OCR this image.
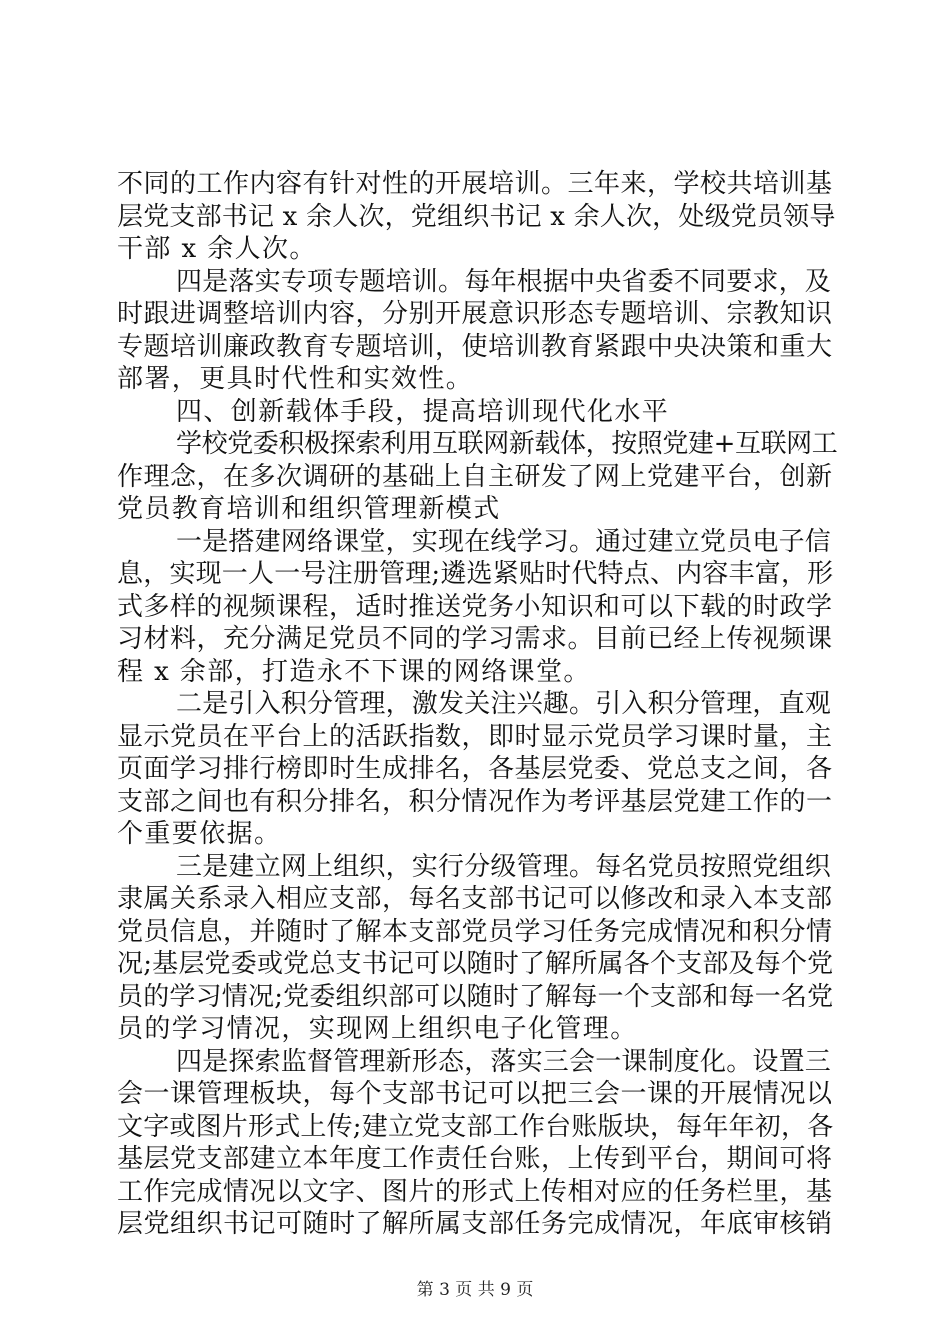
不同的工作内容有针对性的开展培训。三年来，学校共培训基
层党支部书记 x 余人次，党组织书记 x 余人次，处级党员领导
干部 x 余人次。
四是落实专项专题培训。每年根据中央省委不同要求，及
时跟进调整培训内容，分别开展意识形态专题培训、宗教知识
专题培训廉政教育专题培训，使培训教育紧跟中央决策和重大
部署，更具时代性和实效性。
四、创新载体手段，提高培训现代化水平
学校党委积极探索利用互联网新载体，按照党建+互联网工
作理念，在多次调研的基础上自主研发了网上党建平台，创新
党员教育培训和组织管理新模式
一是搭建网络课堂，实现在线学习。通过建立党员电子信
息，实现一人一号注册管理;遴选紧贴时代特点、内容丰富，形
式多样的视频课程，适时推送党务小知识和可以下载的时政学
习材料，充分满足党员不同的学习需求。目前已经上传视频课
程 x 余部，打造永不下课的网络课堂。
二是引入积分管理，激发关注兴趣。引入积分管理，直观
显示党员在平台上的活跃指数，即时显示党员学习课时量，主
页面学习排行榜即时生成排名，各基层党委、党总支之间，各
支部之间也有积分排名，积分情况作为考评基层党建工作的一
个重要依据。
三是建立网上组织，实行分级管理。每名党员按照党组织
隶属关系录入相应支部，每名支部书记可以修改和录入本支部
党员信息，并随时了解本支部党员学习任务完成情况和积分情
况;基层党委或党总支书记可以随时了解所属各个支部及每个党
员的学习情况;党委组织部可以随时了解每一个支部和每一名党
员的学习情况，实现网上组织电子化管理。
四是探索监督管理新形态，落实三会一课制度化。设置三
会一课管理板块，每个支部书记可以把三会一课的开展情况以
文字或图片形式上传;建立党支部工作台账版块，每年年初，各
基层党支部建立本年度工作责任台账，上传到平台，期间可将
工作完成情况以文字、图片的形式上传相对应的任务栏里，基
层党组织书记可随时了解所属支部任务完成情况，年底审核销
第 3 页 共 9 页
